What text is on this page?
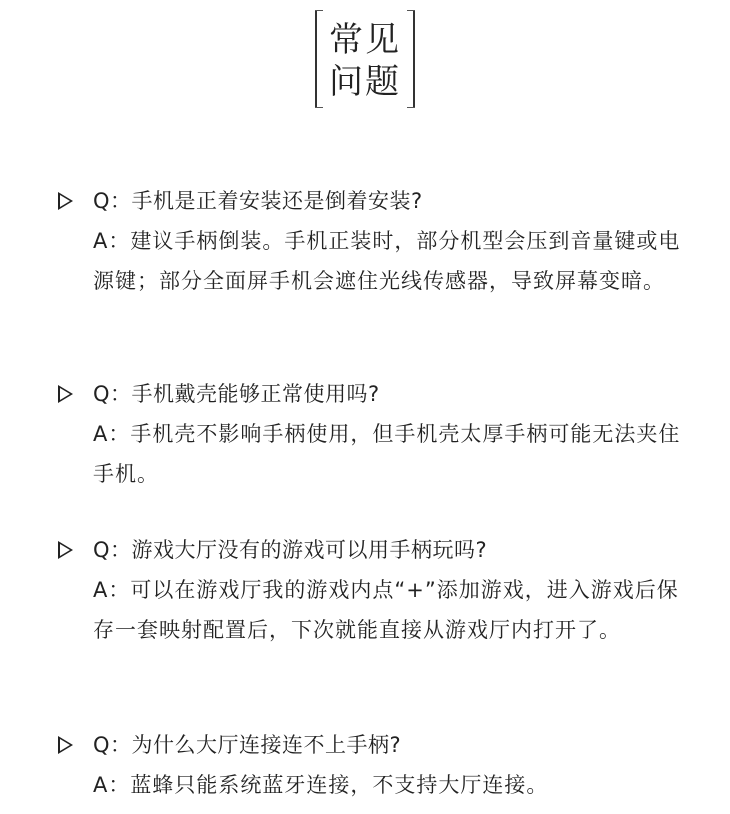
常见
问题
Q：手机是正着安装还是倒着安装?
A：建议手柄倒装。手机正装时，部分机型会压到音量键或电源键；部分全面屏手机会遮住光线传感器，导致屏幕变暗。
Q：手机戴壳能够正常使用吗?
A：手机壳不影响手柄使用，但手机壳太厚手柄可能无法夹住手机。
Q：游戏大厅没有的游戏可以用手柄玩吗?
A：可以在游戏厅我的游戏内点“+”添加游戏，进入游戏后保存一套映射配置后，下次就能直接从游戏厅内打开了。
Q：为什么大厅连接连不上手柄?
A：蓝蜂只能系统蓝牙连接，不支持大厅连接。
